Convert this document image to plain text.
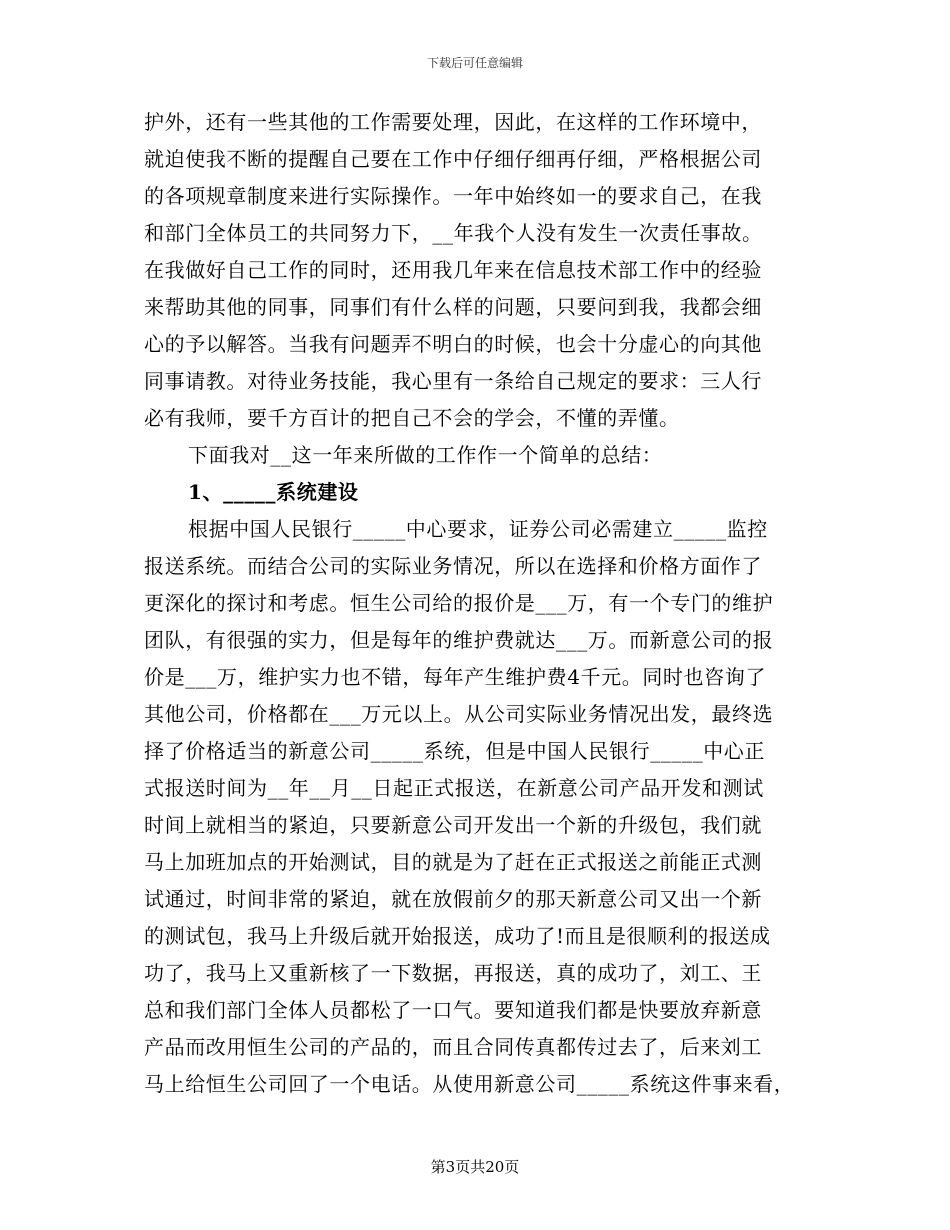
下载后可任意编辑
护外，还有一些其他的工作需要处理，因此，在这样的工作环境中，
就迫使我不断的提醒自己要在工作中仔细仔细再仔细，严格根据公司
的各项规章制度来进行实际操作。一年中始终如一的要求自己，在我
和部门全体员工的共同努力下，__年我个人没有发生一次责任事故。
在我做好自己工作的同时，还用我几年来在信息技术部工作中的经验
来帮助其他的同事，同事们有什么样的问题，只要问到我，我都会细
心的予以解答。当我有问题弄不明白的时候，也会十分虚心的向其他
同事请教。对待业务技能，我心里有一条给自己规定的要求：三人行
必有我师，要千方百计的把自己不会的学会，不懂的弄懂。
下面我对__这一年来所做的工作作一个简单的总结：
1、_____系统建设
根据中国人民银行_____中心要求，证券公司必需建立_____监控
报送系统。而结合公司的实际业务情况，所以在选择和价格方面作了
更深化的探讨和考虑。恒生公司给的报价是___万，有一个专门的维护
团队，有很强的实力，但是每年的维护费就达___万。而新意公司的报
价是___万，维护实力也不错，每年产生维护费4千元。同时也咨询了
其他公司，价格都在___万元以上。从公司实际业务情况出发，最终选
择了价格适当的新意公司_____系统，但是中国人民银行_____中心正
式报送时间为__年__月__日起正式报送，在新意公司产品开发和测试
时间上就相当的紧迫，只要新意公司开发出一个新的升级包，我们就
马上加班加点的开始测试，目的就是为了赶在正式报送之前能正式测
试通过，时间非常的紧迫，就在放假前夕的那天新意公司又出一个新
的测试包，我马上升级后就开始报送，成功了!而且是很顺利的报送成
功了，我马上又重新核了一下数据，再报送，真的成功了，刘工、王
总和我们部门全体人员都松了一口气。要知道我们都是快要放弃新意
产品而改用恒生公司的产品的，而且合同传真都传过去了，后来刘工
马上给恒生公司回了一个电话。从使用新意公司_____系统这件事来看，
第3页共20页
